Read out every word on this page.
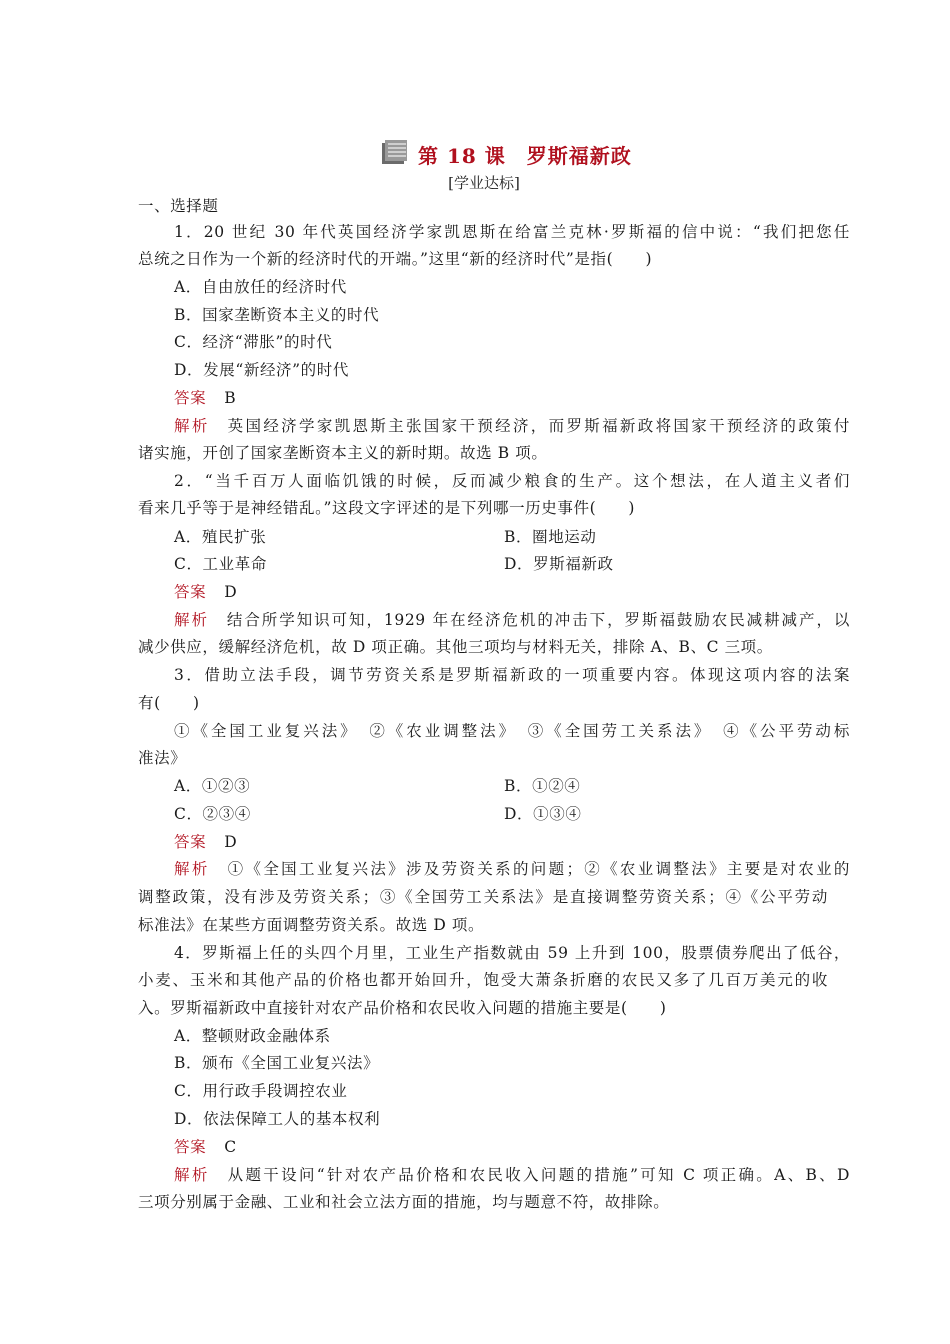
第 18 课　罗斯福新政
[学业达标]
一、选择题
1．20 世纪 30 年代英国经济学家凯恩斯在给富兰克林·罗斯福的信中说：“我们把您任
总统之日作为一个新的经济时代的开端。”这里“新的经济时代”是指(　　)
A．自由放任的经济时代
B．国家垄断资本主义的时代
C．经济“滞胀”的时代
D．发展“新经济”的时代
答案 B
解析 英国经济学家凯恩斯主张国家干预经济，而罗斯福新政将国家干预经济的政策付
诸实施，开创了国家垄断资本主义的新时期。故选 B 项。
2．“当千百万人面临饥饿的时候，反而减少粮食的生产。这个想法，在人道主义者们
看来几乎等于是神经错乱。”这段文字评述的是下列哪一历史事件(　　)
A．殖民扩张	B．圈地运动
C．工业革命	D．罗斯福新政
答案 D
解析 结合所学知识可知，1929 年在经济危机的冲击下，罗斯福鼓励农民减耕减产，以
减少供应，缓解经济危机，故 D 项正确。其他三项均与材料无关，排除 A、B、C 三项。
3．借助立法手段，调节劳资关系是罗斯福新政的一项重要内容。体现这项内容的法案
有(　　)
①《全国工业复兴法》　②《农业调整法》　③《全国劳工关系法》　④《公平劳动标
准法》
A．①②③	B．①②④
C．②③④	D．①③④
答案 D
解析 ①《全国工业复兴法》涉及劳资关系的问题；②《农业调整法》主要是对农业的
调整政策，没有涉及劳资关系；③《全国劳工关系法》是直接调整劳资关系；④《公平劳动
标准法》在某些方面调整劳资关系。故选 D 项。
4．罗斯福上任的头四个月里，工业生产指数就由 59 上升到 100，股票债券爬出了低谷，
小麦、玉米和其他产品的价格也都开始回升，饱受大萧条折磨的农民又多了几百万美元的收
入。罗斯福新政中直接针对农产品价格和农民收入问题的措施主要是(　　)
A．整顿财政金融体系
B．颁布《全国工业复兴法》
C．用行政手段调控农业
D．依法保障工人的基本权利
答案 C
解析 从题干设问“针对农产品价格和农民收入问题的措施”可知 C 项正确。A、B、D
三项分别属于金融、工业和社会立法方面的措施，均与题意不符，故排除。
